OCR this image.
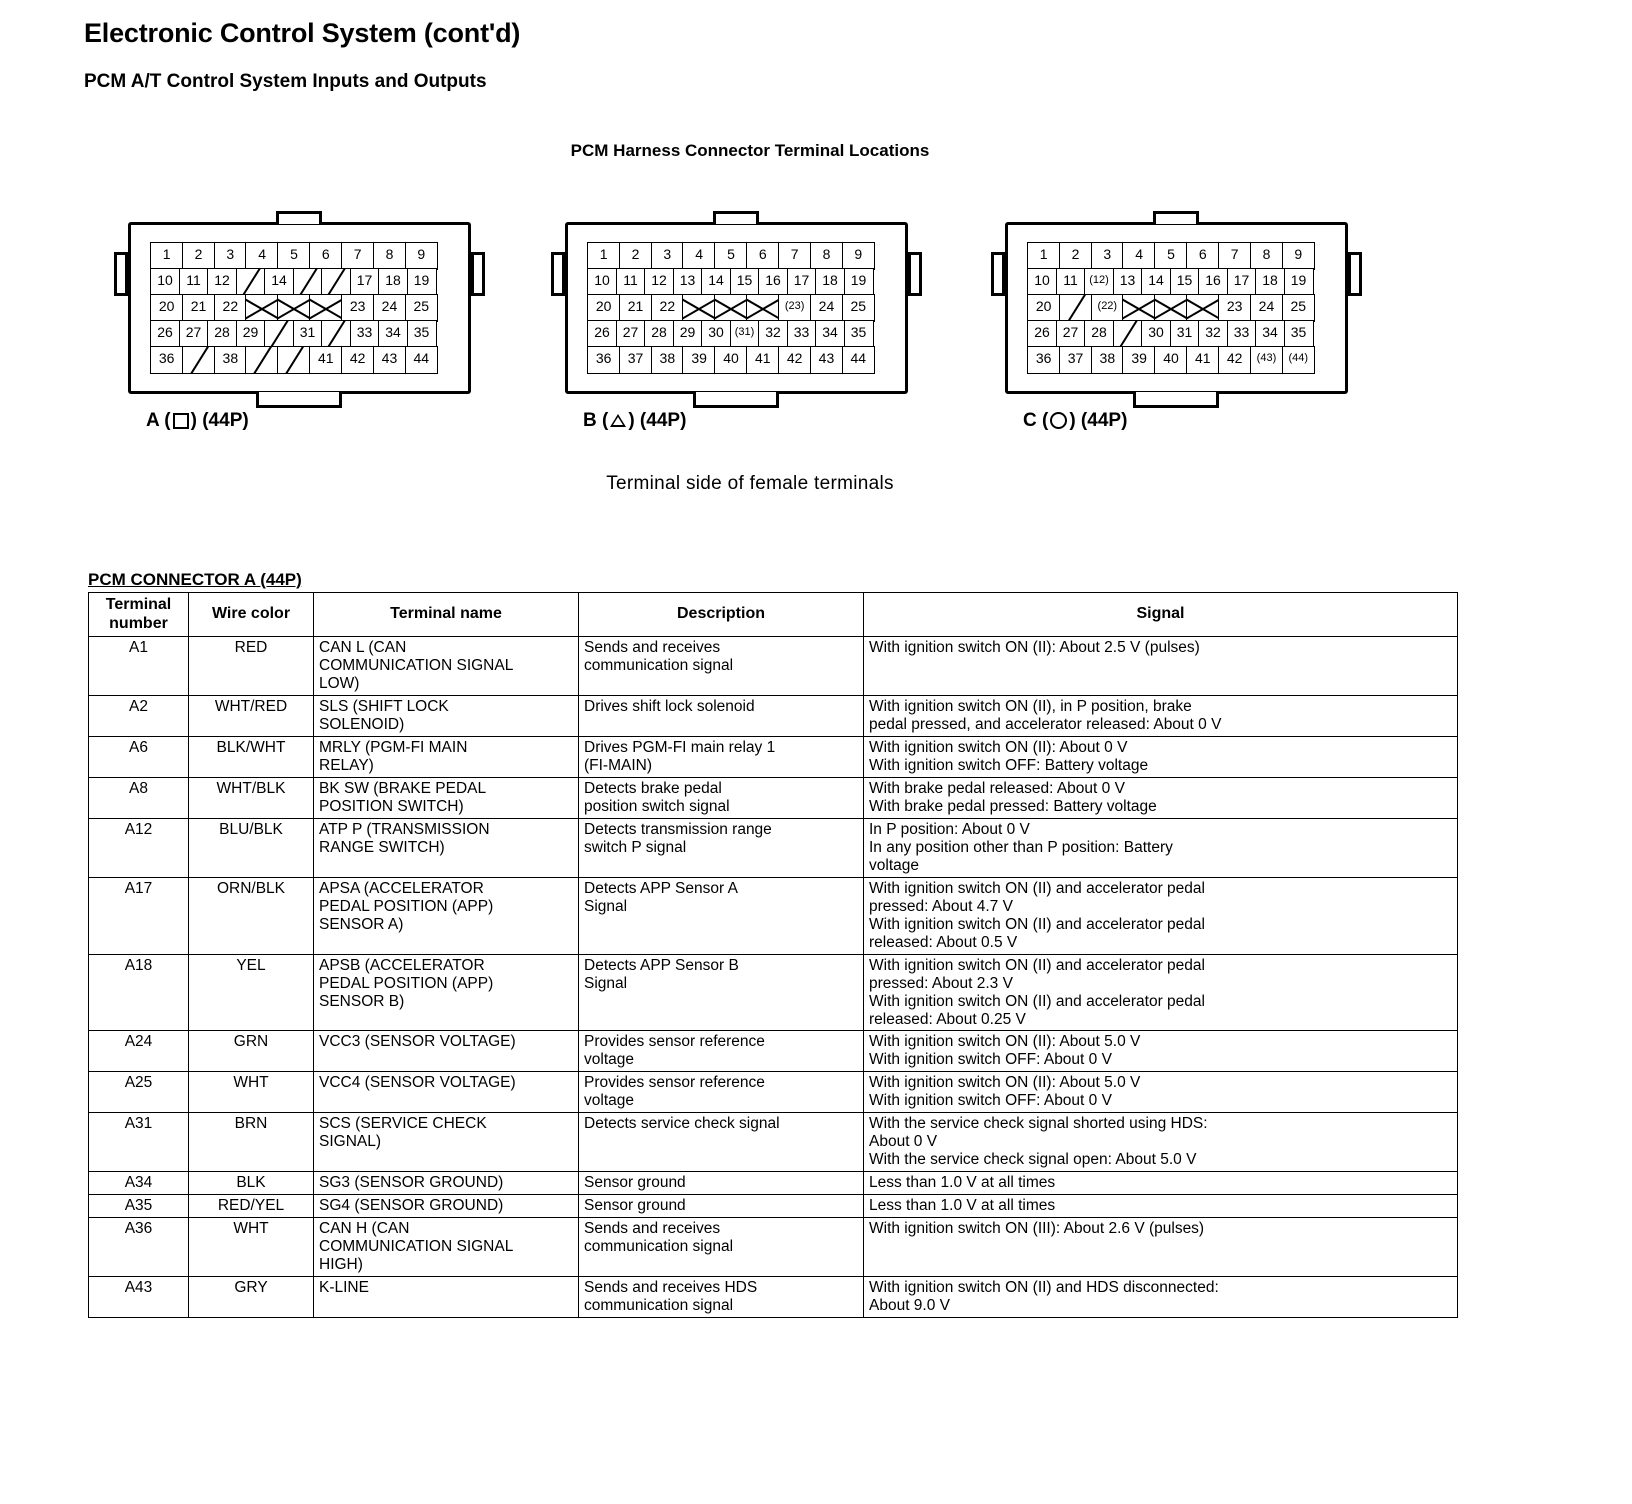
Electronic Control System (cont'd)
PCM A/T Control System Inputs and Outputs
PCM Harness Connector Terminal Locations
1	2	3	4	5	6	7	8	9
10 11 12	14	17 18 19
20	21	22	23	24	25
26 27 28 29	31	33 34 35
36	38	41	42	43	44
A ( ) (44P)
1	2	3	4	5	6	7	8	9
10 11 12 13 14 15 16 17 18 19
20	21	22	(23)	24	25
26 27 28 29 30 (31) 32 33 34 35
36	37	38	39	40	41	42	43	44
B ( ) (44P)
1	2	3	4	5	6	7	8	9
10 11	(12) 13 14 15 16 17 18 19
20	(22)	23	24	25
26 27 28	30 31 32 33 34 35
36	37	38	39	40	41	42	(43)	(44)
C ( ) (44P)
Terminal side of female terminals
PCM CONNECTOR A (44P)
Terminal
number	Wire color	Terminal name	Description	Signal

A1	RED	CAN L (CAN
COMMUNICATION SIGNAL
LOW)	Sends and receives
communication signal	With ignition switch ON (II): About 2.5 V (pulses)

A2	WHT/RED	SLS (SHIFT LOCK
SOLENOID)	Drives shift lock solenoid	With ignition switch ON (II), in P position, brake
pedal pressed, and accelerator released: About 0 V

A6	BLK/WHT	MRLY (PGM-FI MAIN
RELAY)	Drives PGM-FI main relay 1
(FI-MAIN)	With ignition switch ON (II): About 0 V
With ignition switch OFF: Battery voltage

A8	WHT/BLK	BK SW (BRAKE PEDAL
POSITION SWITCH)	Detects brake pedal
position switch signal	With brake pedal released: About 0 V
With brake pedal pressed: Battery voltage

A12	BLU/BLK	ATP P (TRANSMISSION
RANGE SWITCH)	Detects transmission range
switch P signal	In P position: About 0 V
In any position other than P position: Battery
voltage

A17	ORN/BLK	APSA (ACCELERATOR
PEDAL POSITION (APP)
SENSOR A)	Detects APP Sensor A
Signal	With ignition switch ON (II) and accelerator pedal
pressed: About 4.7 V
With ignition switch ON (II) and accelerator pedal
released: About 0.5 V

A18	YEL	APSB (ACCELERATOR
PEDAL POSITION (APP)
SENSOR B)	Detects APP Sensor B
Signal	With ignition switch ON (II) and accelerator pedal
pressed: About 2.3 V
With ignition switch ON (II) and accelerator pedal
released: About 0.25 V

A24	GRN	VCC3 (SENSOR VOLTAGE)	Provides sensor reference
voltage	With ignition switch ON (II): About 5.0 V
With ignition switch OFF: About 0 V

A25	WHT	VCC4 (SENSOR VOLTAGE)	Provides sensor reference
voltage	With ignition switch ON (II): About 5.0 V
With ignition switch OFF: About 0 V

A31	BRN	SCS (SERVICE CHECK
SIGNAL)	Detects service check signal	With the service check signal shorted using HDS:
About 0 V
With the service check signal open: About 5.0 V

A34	BLK	SG3 (SENSOR GROUND)	Sensor ground	Less than 1.0 V at all times

A35	RED/YEL	SG4 (SENSOR GROUND)	Sensor ground	Less than 1.0 V at all times

A36	WHT	CAN H (CAN
COMMUNICATION SIGNAL
HIGH)	Sends and receives
communication signal	With ignition switch ON (III): About 2.6 V (pulses)

A43	GRY	K-LINE	Sends and receives HDS
communication signal	With ignition switch ON (II) and HDS disconnected:
About 9.0 V
